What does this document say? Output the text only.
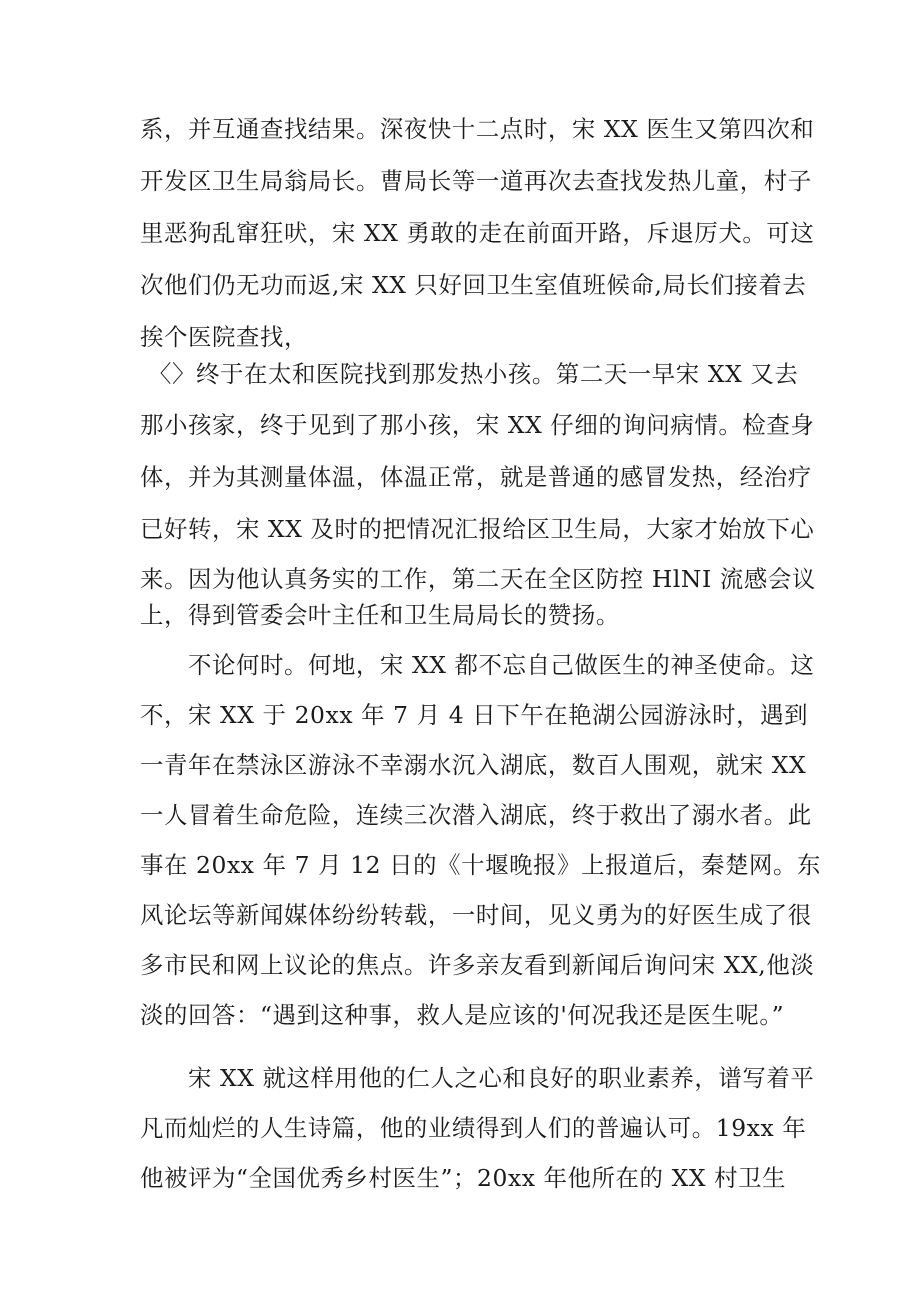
系，并互通查找结果。深夜快十二点时，宋 XX 医生又第四次和
开发区卫生局翁局长。曹局长等一道再次去查找发热儿童，村子
里恶狗乱窜狂吠，宋 XX 勇敢的走在前面开路，斥退厉犬。可这
次他们仍无功而返,宋 XX 只好回卫生室值班候命,局长们接着去
挨个医院查找，
〈〉终于在太和医院找到那发热小孩。第二天一早宋 XX 又去
那小孩家，终于见到了那小孩，宋 XX 仔细的询问病情。检查身
体，并为其测量体温，体温正常，就是普通的感冒发热，经治疗
已好转，宋 XX 及时的把情况汇报给区卫生局，大家才始放下心
来。因为他认真务实的工作，第二天在全区防控 HlNI 流感会议
上，得到管委会叶主任和卫生局局长的赞扬。
不论何时。何地，宋 XX 都不忘自己做医生的神圣使命。这
不，宋 XX 于 20xx 年 7 月 4 日下午在艳湖公园游泳时，遇到
一青年在禁泳区游泳不幸溺水沉入湖底，数百人围观，就宋 XX
一人冒着生命危险，连续三次潜入湖底，终于救出了溺水者。此
事在 20xx 年 7 月 12 日的《十堰晚报》上报道后，秦楚网。东
风论坛等新闻媒体纷纷转载，一时间，见义勇为的好医生成了很
多市民和网上议论的焦点。许多亲友看到新闻后询问宋 XX,他淡
淡的回答：“遇到这种事，救人是应该的'何况我还是医生呢。”
宋 XX 就这样用他的仁人之心和良好的职业素养，谱写着平
凡而灿烂的人生诗篇，他的业绩得到人们的普遍认可。19xx 年
他被评为“全国优秀乡村医生”；20xx 年他所在的 XX 村卫生
